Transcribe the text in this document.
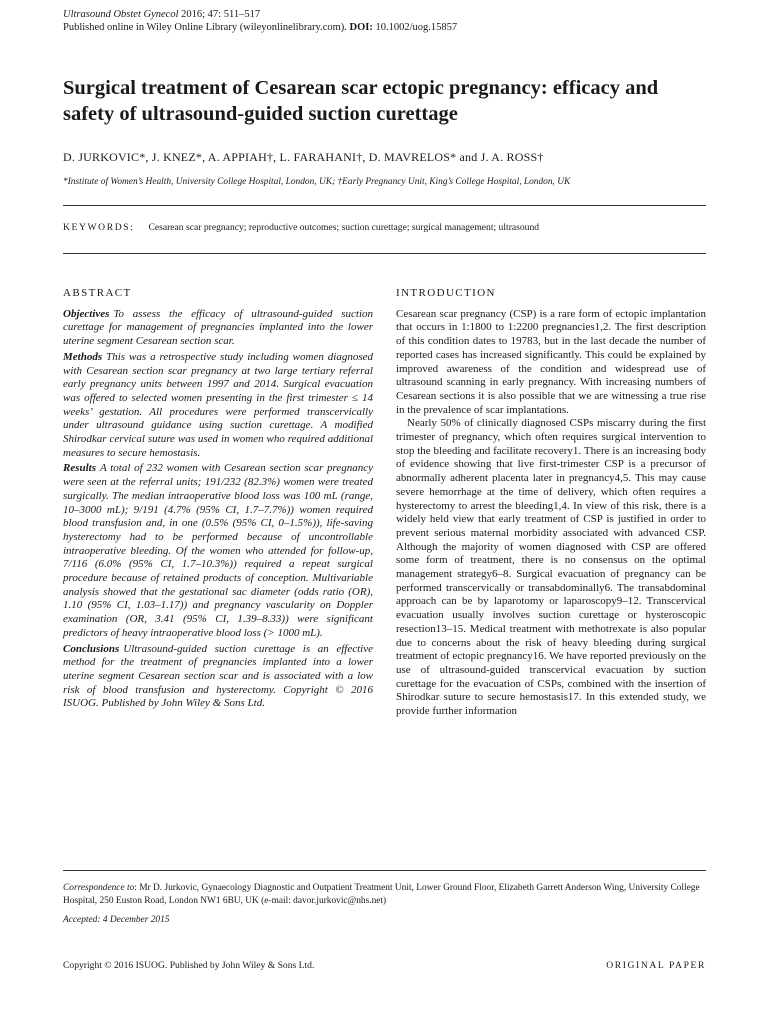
Ultrasound Obstet Gynecol 2016; 47: 511–517
Published online in Wiley Online Library (wileyonlinelibrary.com). DOI: 10.1002/uog.15857
Surgical treatment of Cesarean scar ectopic pregnancy: efficacy and safety of ultrasound-guided suction curettage
D. JURKOVIC*, J. KNEZ*, A. APPIAH†, L. FARAHANI†, D. MAVRELOS* and J. A. ROSS†
*Institute of Women’s Health, University College Hospital, London, UK; †Early Pregnancy Unit, King’s College Hospital, London, UK
KEYWORDS: Cesarean scar pregnancy; reproductive outcomes; suction curettage; surgical management; ultrasound
ABSTRACT

Objectives To assess the efficacy of ultrasound-guided suction curettage for management of pregnancies implanted into the lower uterine segment Cesarean section scar.

Methods This was a retrospective study including women diagnosed with Cesarean section scar pregnancy at two large tertiary referral early pregnancy units between 1997 and 2014. Surgical evacuation was offered to selected women presenting in the first trimester ≤ 14 weeks’ gestation. All procedures were performed transcervically under ultrasound guidance using suction curettage. A modified Shirodkar cervical suture was used in women who required additional measures to secure hemostasis.

Results A total of 232 women with Cesarean section scar pregnancy were seen at the referral units; 191/232 (82.3%) women were treated surgically. The median intraoperative blood loss was 100 mL (range, 10–3000 mL); 9/191 (4.7% (95% CI, 1.7–7.7%)) women required blood transfusion and, in one (0.5% (95% CI, 0–1.5%)), life-saving hysterectomy had to be performed because of uncontrollable intraoperative bleeding. Of the women who attended for follow-up, 7/116 (6.0% (95% CI, 1.7–10.3%)) required a repeat surgical procedure because of retained products of conception. Multivariable analysis showed that the gestational sac diameter (odds ratio (OR), 1.10 (95% CI, 1.03–1.17)) and pregnancy vascularity on Doppler examination (OR, 3.41 (95% CI, 1.39–8.33)) were significant predictors of heavy intraoperative blood loss (> 1000 mL).

Conclusions Ultrasound-guided suction curettage is an effective method for the treatment of pregnancies implanted into a lower uterine segment Cesarean section scar and is associated with a low risk of blood transfusion and hysterectomy. Copyright © 2016 ISUOG. Published by John Wiley & Sons Ltd.

INTRODUCTION

Cesarean scar pregnancy (CSP) is a rare form of ectopic implantation that occurs in 1:1800 to 1:2200 pregnancies1,2. The first description of this condition dates to 19783, but in the last decade the number of reported cases has increased significantly. This could be explained by improved awareness of the condition and widespread use of ultrasound scanning in early pregnancy. With increasing numbers of Cesarean sections it is also possible that we are witnessing a true rise in the prevalence of scar implantations.

Nearly 50% of clinically diagnosed CSPs miscarry during the first trimester of pregnancy, which often requires surgical intervention to stop the bleeding and facilitate recovery1. There is an increasing body of evidence showing that live first-trimester CSP is a precursor of abnormally adherent placenta later in pregnancy4,5. This may cause severe hemorrhage at the time of delivery, which often requires a hysterectomy to arrest the bleeding1,4. In view of this risk, there is a widely held view that early treatment of CSP is justified in order to prevent serious maternal morbidity associated with advanced CSP. Although the majority of women diagnosed with CSP are offered some form of treatment, there is no consensus on the optimal management strategy6–8. Surgical evacuation of pregnancy can be performed transcervically or transabdominally6. The transabdominal approach can be by laparotomy or laparoscopy9–12. Transcervical evacuation usually involves suction curettage or hysteroscopic resection13–15. Medical treatment with methotrexate is also popular due to concerns about the risk of heavy bleeding during surgical treatment of ectopic pregnancy16. We have reported previously on the use of ultrasound-guided transcervical evacuation by suction curettage for the evacuation of CSPs, combined with the insertion of Shirodkar suture to secure hemostasis17. In this extended study, we provide further information

Correspondence to: Mr D. Jurkovic, Gynaecology Diagnostic and Outpatient Treatment Unit, Lower Ground Floor, Elizabeth Garrett Anderson Wing, University College Hospital, 250 Euston Road, London NW1 6BU, UK (e-mail: davor.jurkovic@nhs.net)
Accepted: 4 December 2015
Copyright © 2016 ISUOG. Published by John Wiley & Sons Ltd.	ORIGINAL PAPER
